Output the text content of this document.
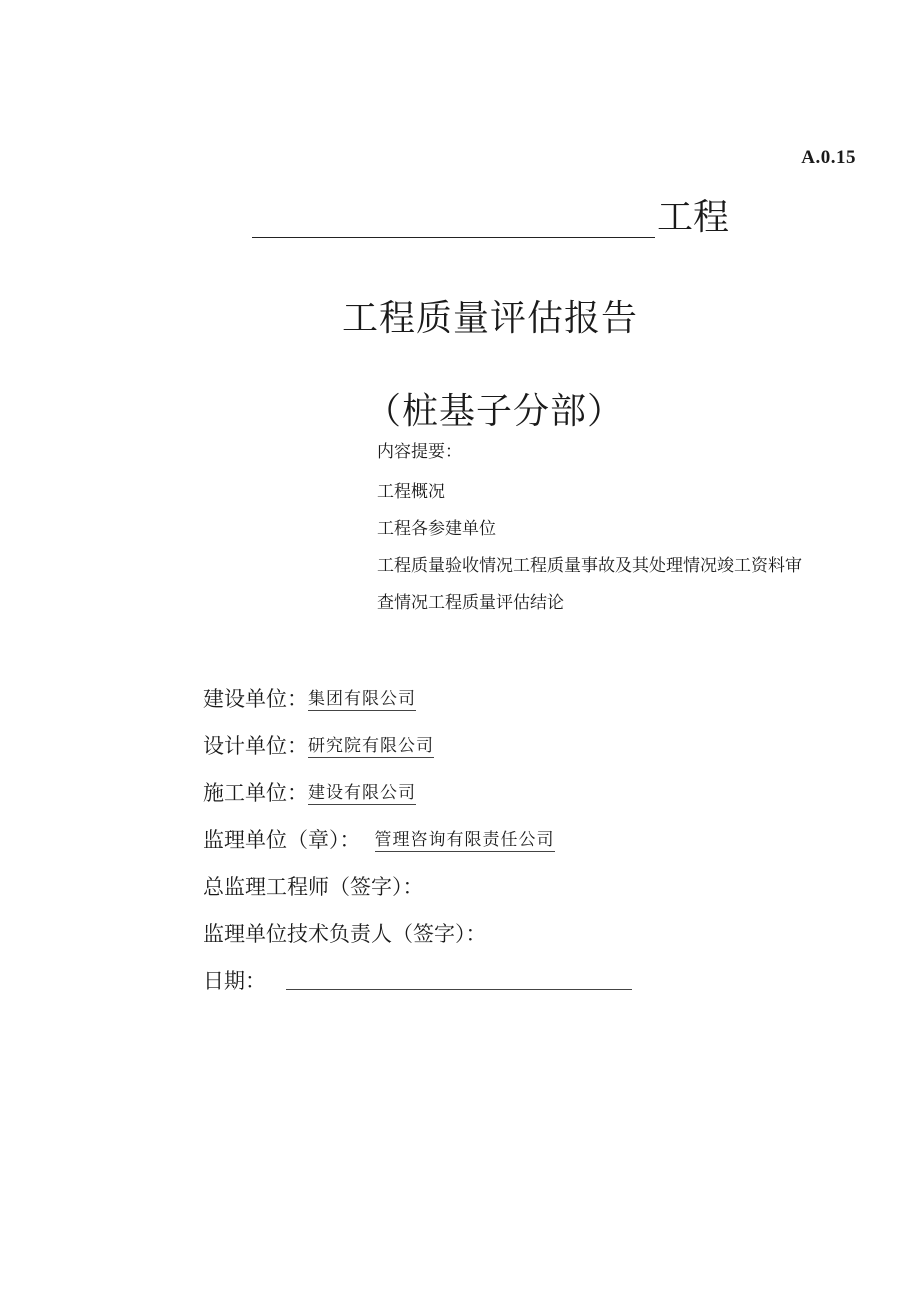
A.0.15
工程
工程质量评估报告
（桩基子分部）
内容提要：
工程概况
工程各参建单位
工程质量验收情况工程质量事故及其处理情况竣工资料审
查情况工程质量评估结论
建设单位： 集团有限公司
设计单位： 研究院有限公司
施工单位： 建设有限公司
监理单位（章）： 管理咨询有限责任公司
总监理工程师（签字）：
监理单位技术负责人（签字）：
日期：
